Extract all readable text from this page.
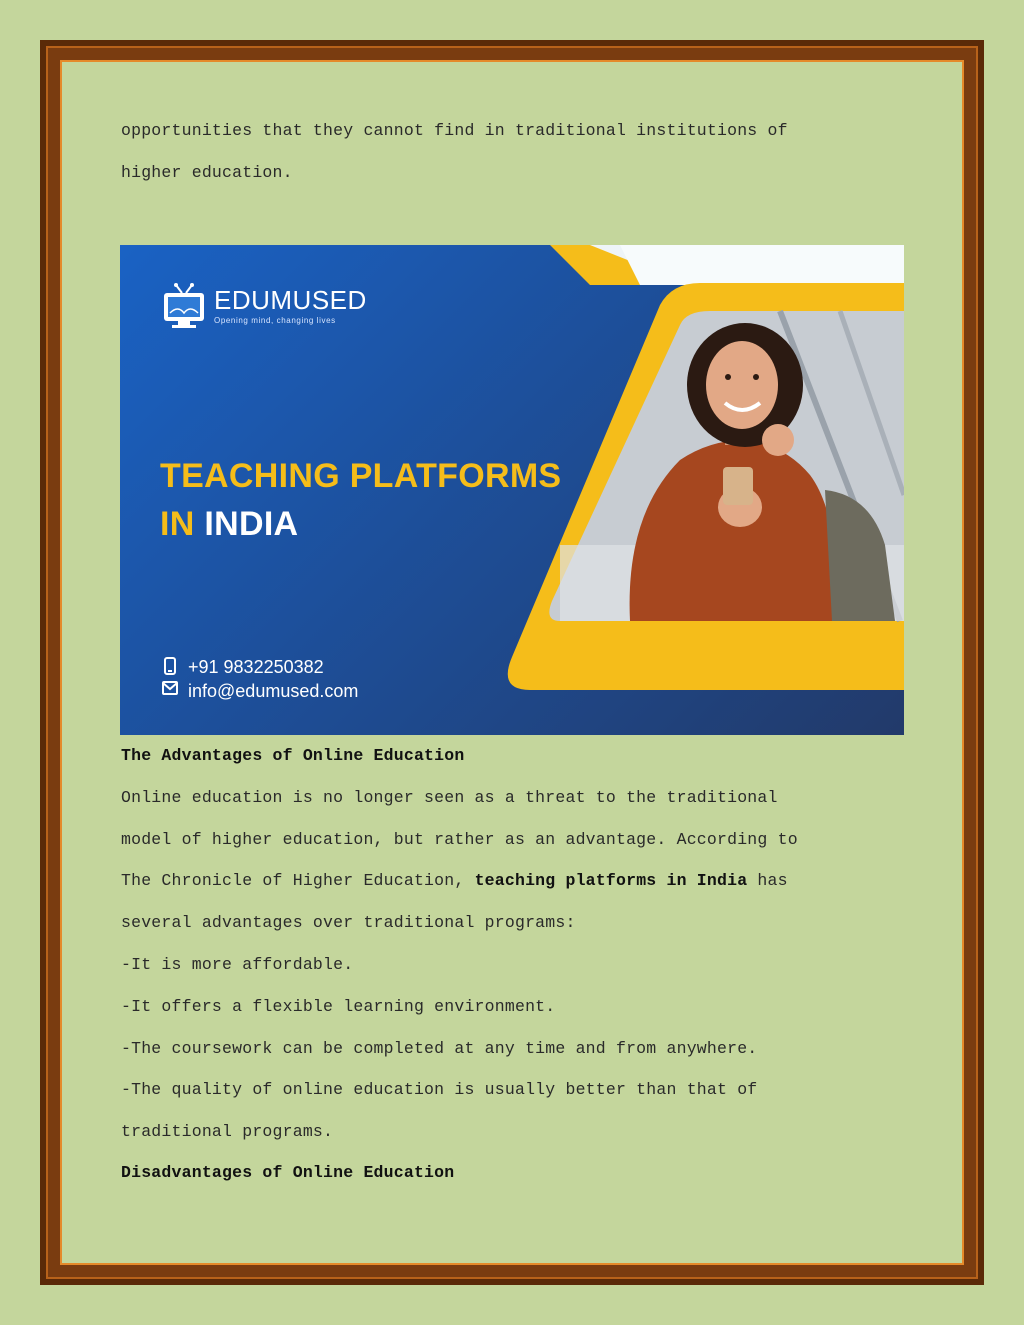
opportunities that they cannot find in traditional institutions of
higher education.
EDUMUSED
Opening mind, changing lives
TEACHING PLATFORMS
IN INDIA
+91 9832250382
info@edumused.com
The Advantages of Online Education
Online education is no longer seen as a threat to the traditional
model of higher education, but rather as an advantage. According to
The Chronicle of Higher Education, teaching platforms in India has
several advantages over traditional programs:
-It is more affordable.
-It offers a flexible learning environment.
-The coursework can be completed at any time and from anywhere.
-The quality of online education is usually better than that of
traditional programs.
Disadvantages of Online Education
